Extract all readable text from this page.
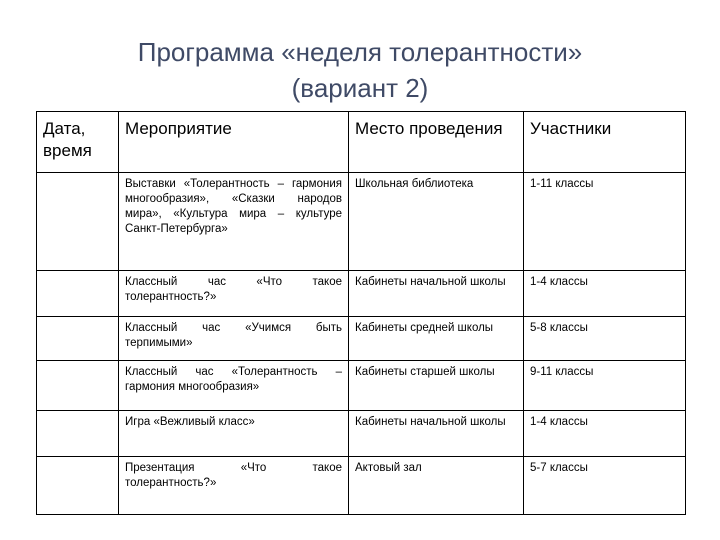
Программа «неделя толерантности»
(вариант 2)
Дата, время	Мероприятие	Место проведения	Участники
	Выставки «Толерантность – гармония многообразия», «Сказки народов мира», «Культура мира – культуре Санкт-Петербурга»	Школьная библиотека	1-11 классы
	Классный час «Что такое толерантность?»	Кабинеты начальной школы	1-4 классы
	Классный час «Учимся быть терпимыми»	Кабинеты средней школы	5-8 классы
	Классный час «Толерантность – гармония многообразия»	Кабинеты старшей школы	9-11 классы
	Игра «Вежливый класс»	Кабинеты начальной школы	1-4 классы
	Презентация «Что такое толерантность?»	Актовый зал	5-7 классы
